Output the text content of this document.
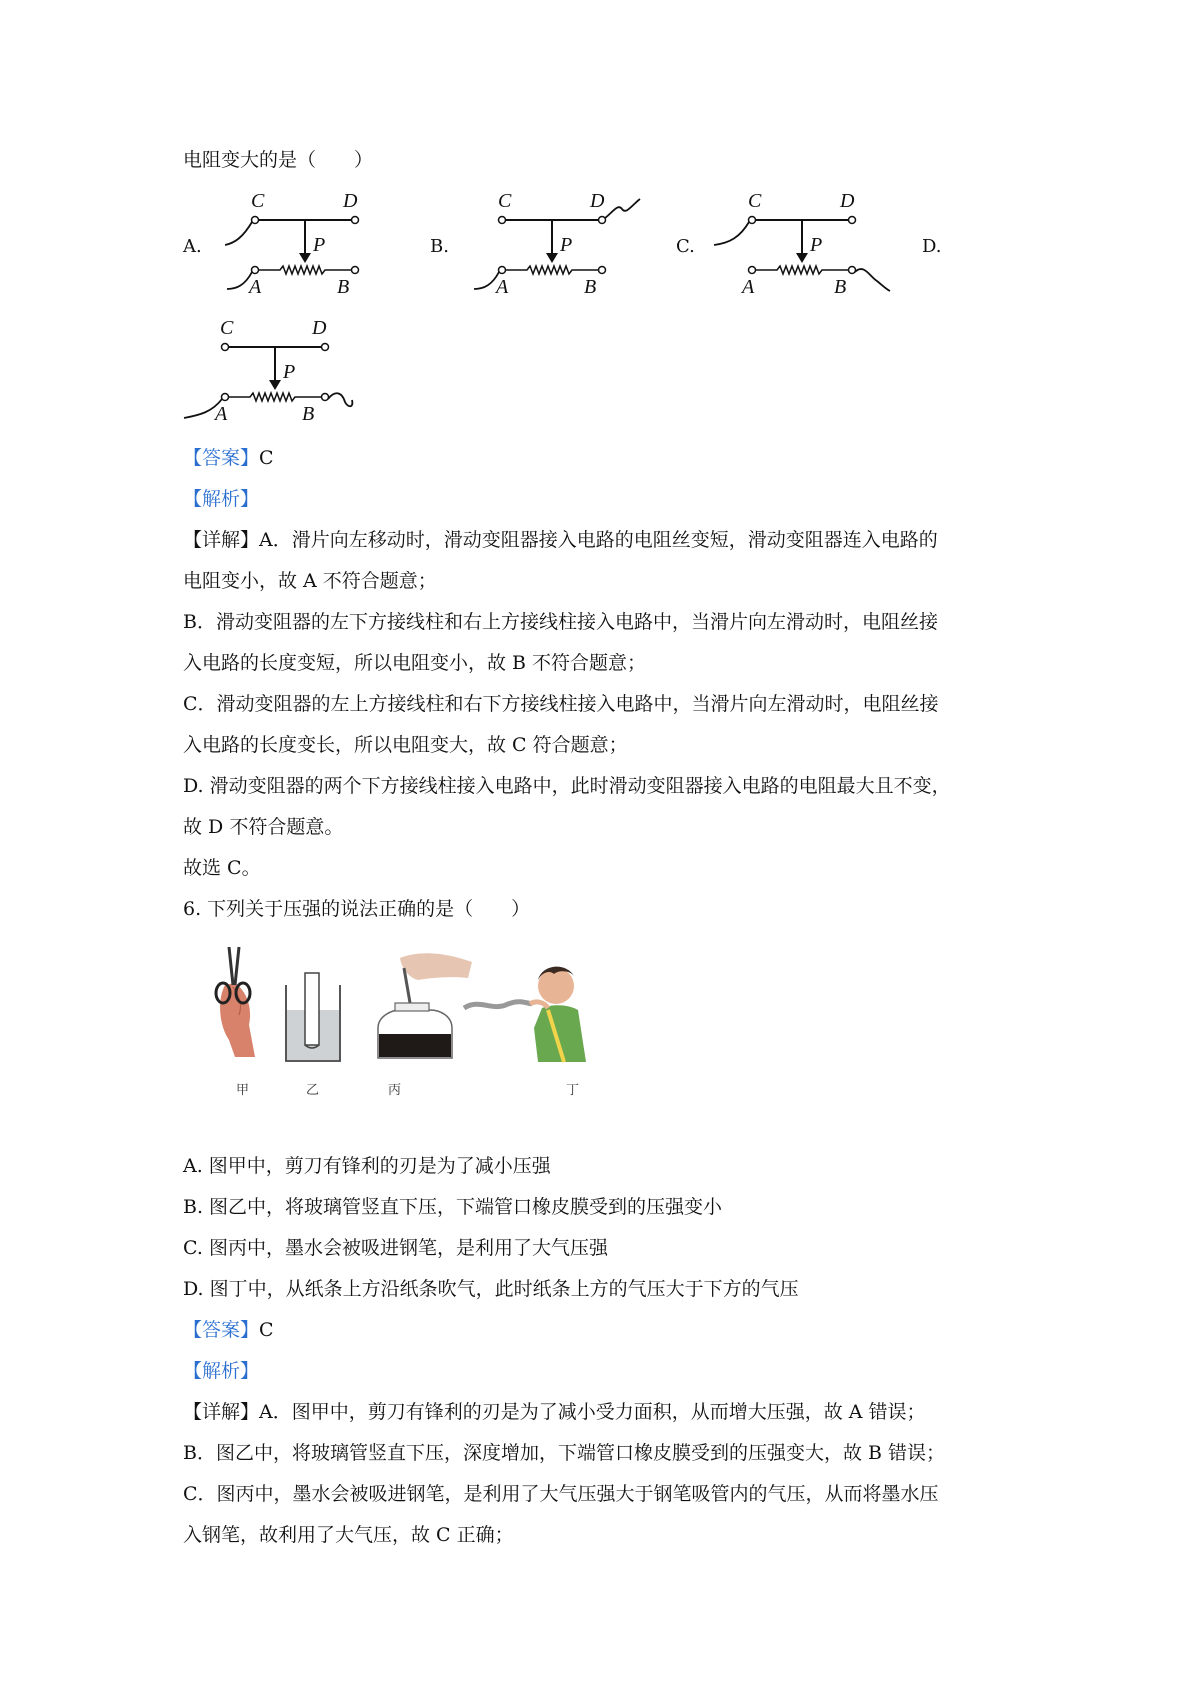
电阻变大的是（　　）
A.	B.	C.	D.
C	D
P
A	B
C	D
P
A	B
C	D
P
A	B
C	D
P
A	B
【答案】C
【解析】
【详解】A．滑片向左移动时，滑动变阻器接入电路的电阻丝变短，滑动变阻器连入电路的
电阻变小，故 A 不符合题意；
B．滑动变阻器的左下方接线柱和右上方接线柱接入电路中，当滑片向左滑动时，电阻丝接
入电路的长度变短，所以电阻变小，故 B 不符合题意；
C．滑动变阻器的左上方接线柱和右下方接线柱接入电路中，当滑片向左滑动时，电阻丝接
入电路的长度变长，所以电阻变大，故 C 符合题意；
D. 滑动变阻器的两个下方接线柱接入电路中，此时滑动变阻器接入电路的电阻最大且不变，
故 D 不符合题意。
故选 C。
6. 下列关于压强的说法正确的是（　　）
甲	乙	丙	丁
A. 图甲中，剪刀有锋利的刃是为了减小压强
B. 图乙中，将玻璃管竖直下压，下端管口橡皮膜受到的压强变小
C. 图丙中，墨水会被吸进钢笔，是利用了大气压强
D. 图丁中，从纸条上方沿纸条吹气，此时纸条上方的气压大于下方的气压
【答案】C
【解析】
【详解】A．图甲中，剪刀有锋利的刃是为了减小受力面积，从而增大压强，故 A 错误；
B．图乙中，将玻璃管竖直下压，深度增加，下端管口橡皮膜受到的压强变大，故 B 错误；
C．图丙中，墨水会被吸进钢笔，是利用了大气压强大于钢笔吸管内的气压，从而将墨水压
入钢笔，故利用了大气压，故 C 正确；
